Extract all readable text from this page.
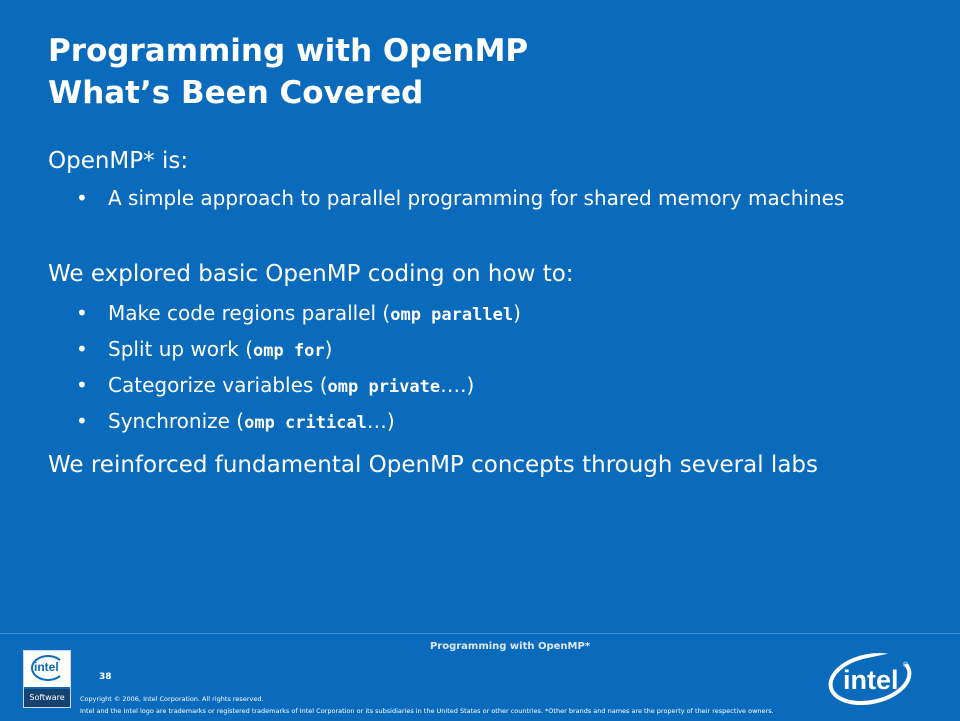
Programming with OpenMP
What’s Been Covered
OpenMP* is:
• A simple approach to parallel programming for shared memory machines
We explored basic OpenMP coding on how to:
• Make code regions parallel (omp parallel)
• Split up work (omp for)
• Categorize variables (omp private….)
• Synchronize (omp critical…)
We reinforced fundamental OpenMP concepts through several labs
intel
Software
Programming with OpenMP*
38
Copyright © 2006, Intel Corporation. All rights reserved.
Intel and the Intel logo are trademarks or registered trademarks of Intel Corporation or its subsidiaries in the United States or other countries. *Other brands and names are the property of their respective owners.
intel ®
